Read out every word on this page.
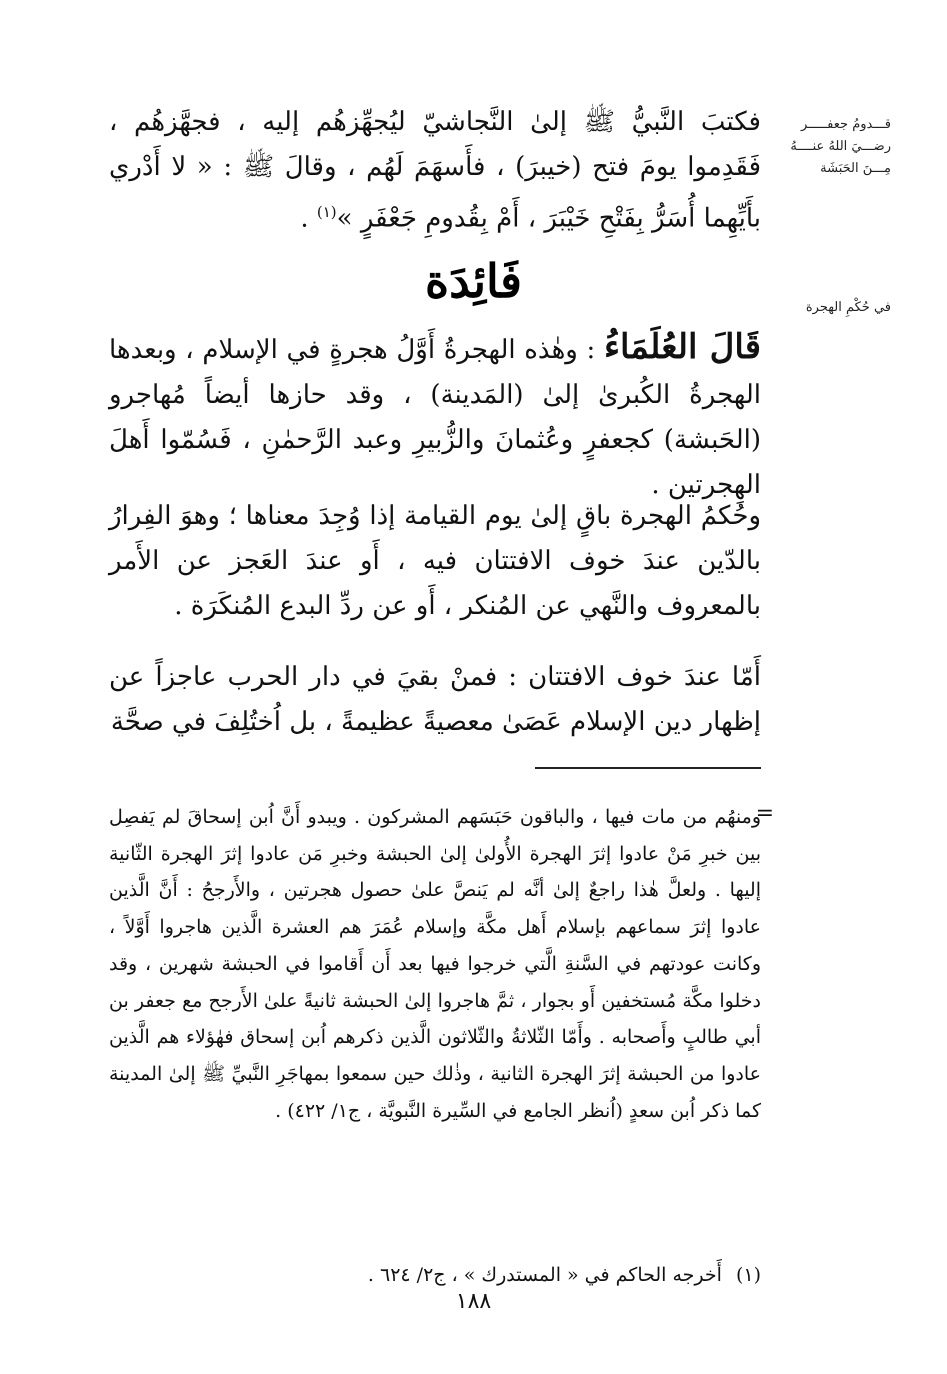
قـــدومُ جعفـــــر رضـــيَ اللهُ عنــــهُ مِـــنَ الحَبَشَة
في حُكْمِ الهجرة
فكتبَ النَّبيُّ ﷺ إلىٰ النَّجاشيّ ليُجهِّزهُم إليه ، فجهَّزهُم ، فَقَدِموا يومَ فتح (خيبرَ) ، فأَسهَمَ لَهُم ، وقالَ ﷺ : « لا أَدْري بأَيِّهِما أُسَرُّ بِفَتْحِ خَيْبَرَ ، أَمْ بِقُدومِ جَعْفَرٍ »$^{(١)}$ .
فَائِدَة
قَالَ العُلَمَاءُ : وهٰذه الهجرةُ أَوَّلُ هجرةٍ في الإسلام ، وبعدها الهجرةُ الكُبرىٰ إلىٰ (المَدينة) ، وقد حازها أيضاً مُهاجرو (الحَبشة) كجعفرٍ وعُثمانَ والزُّبيرِ وعبد الرَّحمٰنِ ، فَسُمّوا أَهلَ الهِجرتين .
وحُكمُ الهجرة باقٍ إلىٰ يوم القيامة إذا وُجِدَ معناها ؛ وهوَ الفِرارُ بالدّين عندَ خوف الافتتان فيه ، أَو عندَ العَجز عن الأَمر بالمعروف والنَّهي عن المُنكر ، أَو عن ردِّ البدع المُنكَرَة .
أَمّا عندَ خوف الافتتان : فمنْ بقيَ في دار الحرب عاجزاً عن إظهار دين الإسلام عَصَىٰ معصيةً عظيمةً ، بل اُختُلِفَ في صحَّة
=
ومنهُم من مات فيها ، والباقون حَبَسَهم المشركون . ويبدو أَنَّ اُبن إسحاقَ لم يَفصِل بين خبرِ مَنْ عادوا إثرَ الهجرة الأُولىٰ إلىٰ الحبشة وخبرِ مَن عادوا إثرَ الهجرة الثّانية إليها . ولعلَّ هٰذا راجعٌ إلىٰ أنَّه لم يَنصَّ علىٰ حصول هجرتين ، والأَرجحُ : أَنَّ الَّذين عادوا إثرَ سماعهم بإسلام أَهل مكَّة وإسلام عُمَرَ هم العشرة الَّذين هاجروا أَوَّلاً ، وكانت عودتهم في السَّنةِ الَّتي خرجوا فيها بعد أَن أَقاموا في الحبشة شهرين ، وقد دخلوا مكَّة مُستخفين أَو بجوار ، ثمَّ هاجروا إلىٰ الحبشة ثانيةً علىٰ الأَرجح مع جعفر بن أبي طالبٍ وأَصحابه . وأَمّا الثّلاثةُ والثّلاثون الَّذين ذكرهم اُبن إسحاق فهٰؤلاء هم الَّذين عادوا من الحبشة إثرَ الهجرة الثانية ، وذٰلك حين سمعوا بمهاجَرِ النَّبيِّ ﷺ إلىٰ المدينة كما ذكر اُبن سعدٍ (اُنظر الجامع في السِّيرة النَّبويَّة ، ج١/ ٤٢٢) .
(١)أَخرجه الحاكم في « المستدرك » ، ج٢/ ٦٢٤ .
١٨٨
